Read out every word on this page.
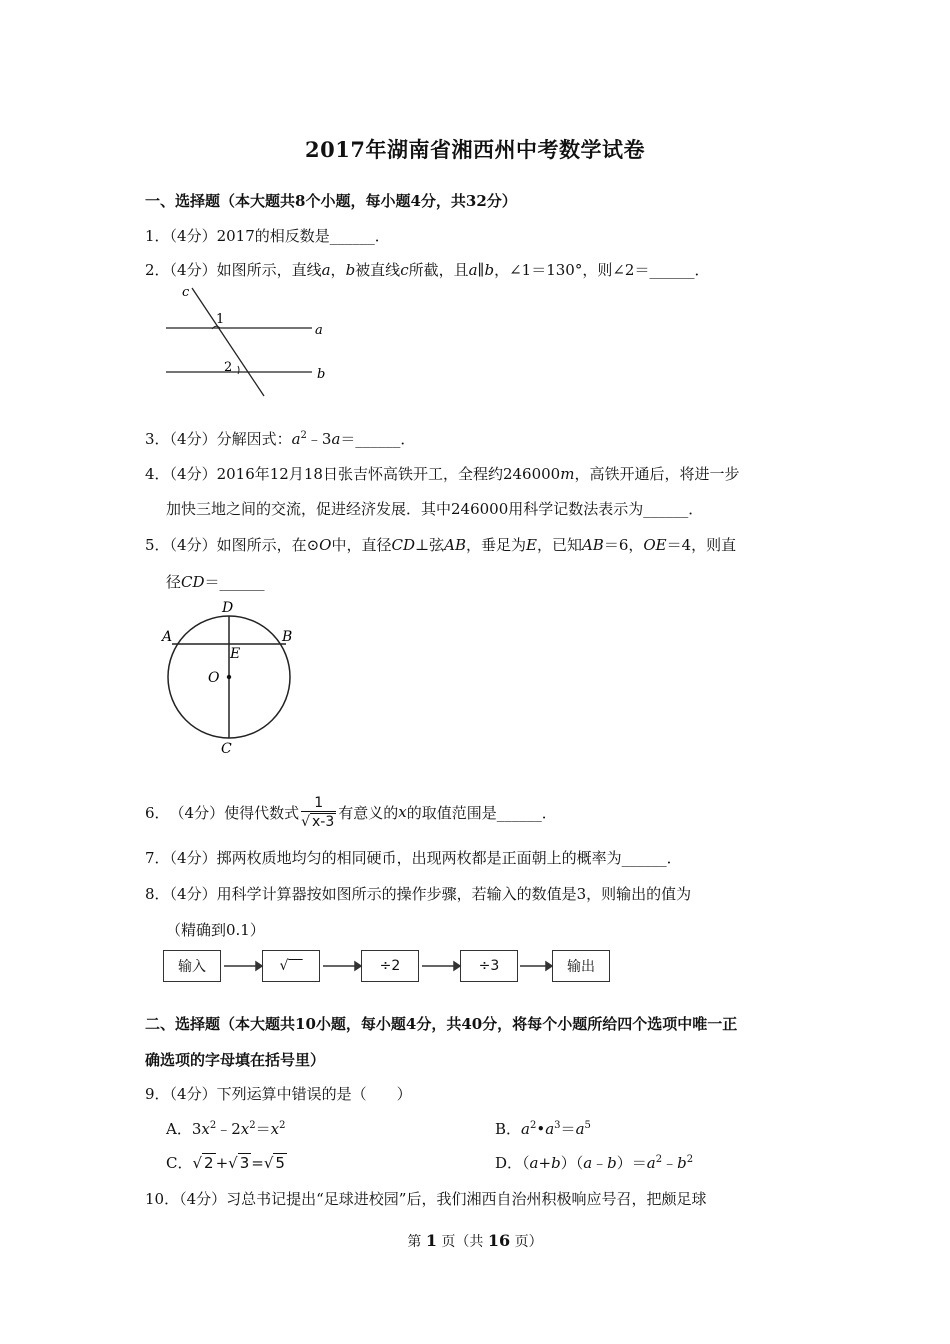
2017年湖南省湘西州中考数学试卷
一、选择题（本大题共8个小题，每小题4分，共32分）
1．（4分）2017的相反数是______．
2．（4分）如图所示，直线a，b被直线c所截，且a∥b，∠1＝130°，则∠2＝______．
c
1
2
a
b
3．（4分）分解因式：$a^2﹣3a=\_\_\_\_\_\_$．
4．（4分）2016年12月18日张吉怀高铁开工，全程约246000m，高铁开通后，将进一步
加快三地之间的交流，促进经济发展．其中246000用科学记数法表示为______．
5．（4分）如图所示，在⊙O中，直径CD⊥弦AB，垂足为E，已知AB＝6，OE＝4，则直
径CD＝______
D
A	B
E
O
C
6． （4分）使得代数式 $\frac{1}{√ x-3}$ 有意义的 x 的取值范围是______．
7．（4分）掷两枚质地均匀的相同硬币，出现两枚都是正面朝上的概率为______．
8．（4分）用科学计算器按如图所示的操作步骤，若输入的数值是3，则输出的值为
（精确到0.1）
输入	√‾‾	÷2	÷3	输出
二、选择题（本大题共10小题，每小题4分，共40分，将每个小题所给四个选项中唯一正
确选项的字母填在括号里）
9．（4分）下列运算中错误的是（　　）
A．$3x^2﹣2x^2=x^2$	B．$a^2•a^3=a^5$
C．√ 2 +√ 3 =√ 5	D．$(a+b)(a﹣b)=a^2﹣b^2$
10．（4分）习总书记提出“足球进校园”后，我们湘西自治州积极响应号召，把颇足球
第 1 页（共 16 页）
